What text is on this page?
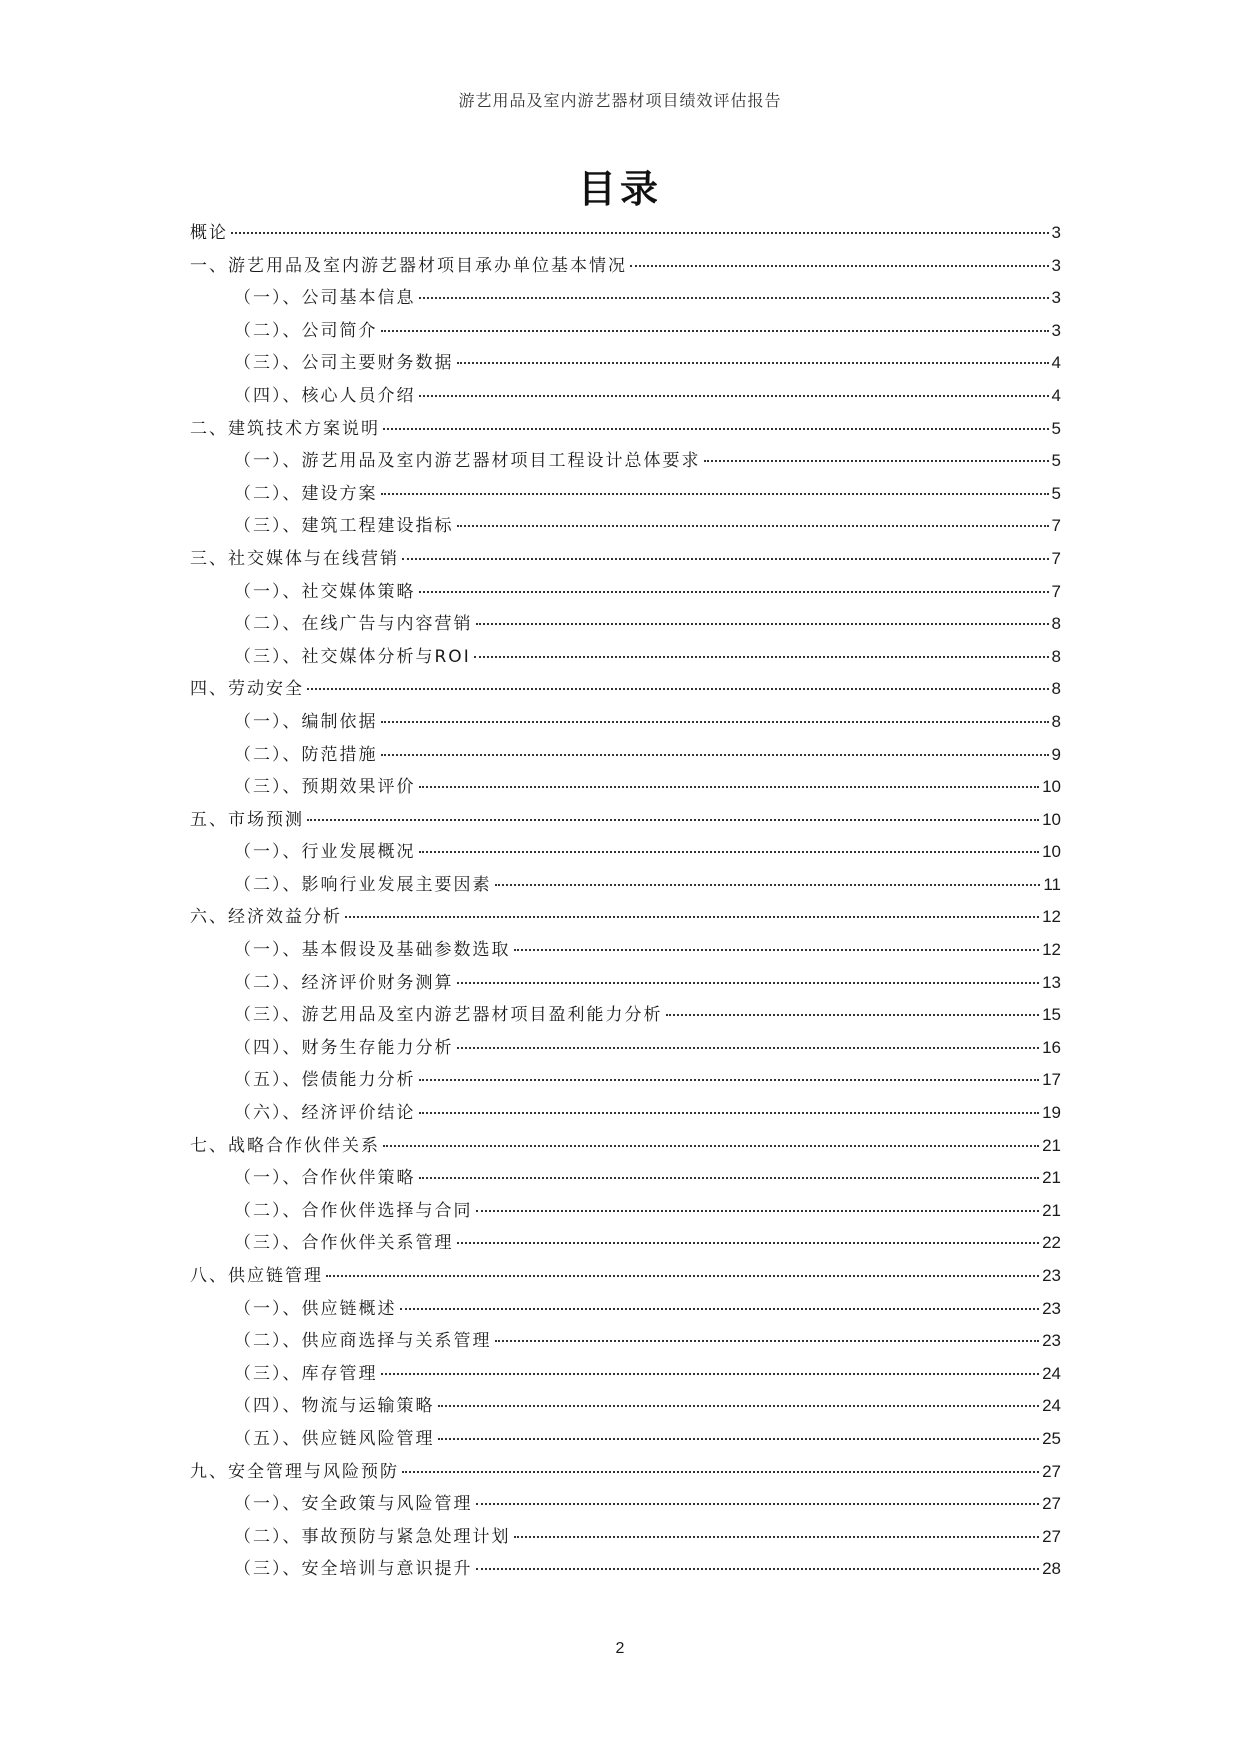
游艺用品及室内游艺器材项目绩效评估报告
目录
概论	3
一、游艺用品及室内游艺器材项目承办单位基本情况	3
（一）、公司基本信息	3
（二）、公司简介	3
（三）、公司主要财务数据	4
（四）、核心人员介绍	4
二、建筑技术方案说明	5
（一）、游艺用品及室内游艺器材项目工程设计总体要求	5
（二）、建设方案	5
（三）、建筑工程建设指标	7
三、社交媒体与在线营销	7
（一）、社交媒体策略	7
（二）、在线广告与内容营销	8
（三）、社交媒体分析与ROI	8
四、劳动安全	8
（一）、编制依据	8
（二）、防范措施	9
（三）、预期效果评价	10
五、市场预测	10
（一）、行业发展概况	10
（二）、影响行业发展主要因素	11
六、经济效益分析	12
（一）、基本假设及基础参数选取	12
（二）、经济评价财务测算	13
（三）、游艺用品及室内游艺器材项目盈利能力分析	15
（四）、财务生存能力分析	16
（五）、偿债能力分析	17
（六）、经济评价结论	19
七、战略合作伙伴关系	21
（一）、合作伙伴策略	21
（二）、合作伙伴选择与合同	21
（三）、合作伙伴关系管理	22
八、供应链管理	23
（一）、供应链概述	23
（二）、供应商选择与关系管理	23
（三）、库存管理	24
（四）、物流与运输策略	24
（五）、供应链风险管理	25
九、安全管理与风险预防	27
（一）、安全政策与风险管理	27
（二）、事故预防与紧急处理计划	27
（三）、安全培训与意识提升	28
2
